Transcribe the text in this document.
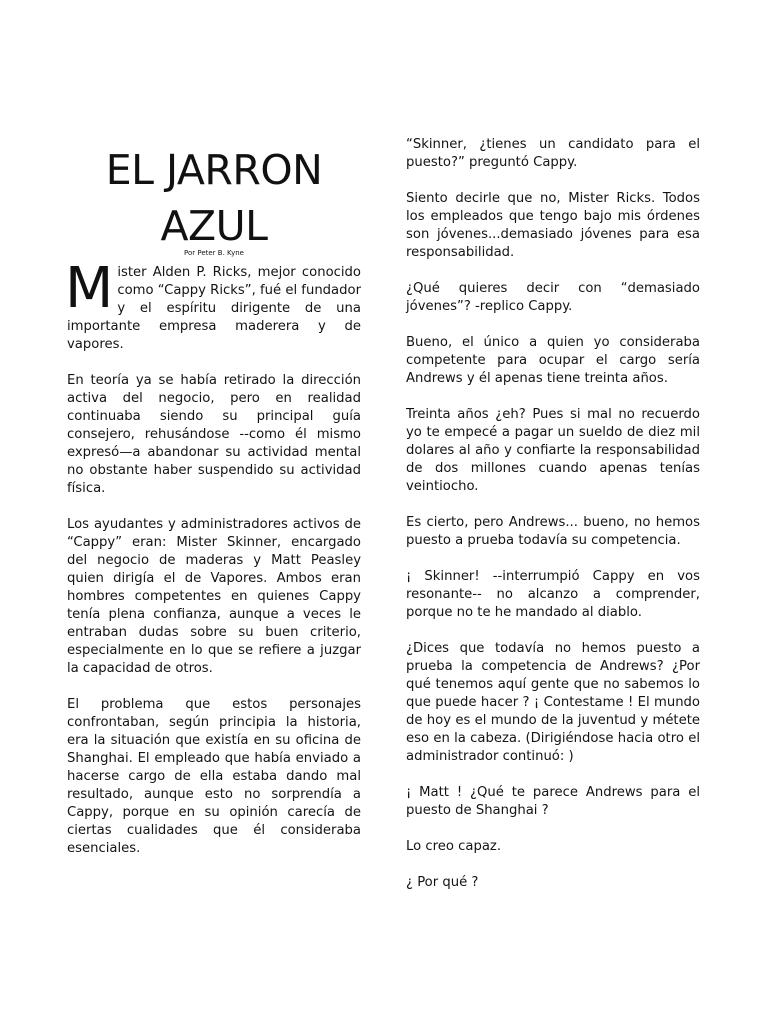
EL JARRON
AZUL
Por Peter B. Kyne

Mister Alden P. Ricks, mejor conocido como “Cappy Ricks”, fué el fundador y el espíritu dirigente de una importante empresa maderera y de vapores.

En teoría ya se había retirado la dirección activa del negocio, pero en realidad continuaba siendo su principal guía consejero, rehusándose --como él mismo expresó—a abandonar su actividad mental no obstante haber suspendido su actividad física.

Los ayudantes y administradores activos de “Cappy” eran: Mister Skinner, encargado del negocio de maderas y Matt Peasley quien dirigía el de Vapores. Ambos eran hombres competentes en quienes Cappy tenía plena confianza, aunque a veces le entraban dudas sobre su buen criterio, especialmente en lo que se refiere a juzgar la capacidad de otros.

El problema que estos personajes confrontaban, según principia la historia, era la situación que existía en su oficina de Shanghai. El empleado que había enviado a hacerse cargo de ella estaba dando mal resultado, aunque esto no sorprendía a Cappy, porque en su opinión carecía de ciertas cualidades que él consideraba esenciales.

“Skinner, ¿tienes un candidato para el puesto?” preguntó Cappy.

Siento decirle que no, Mister Ricks. Todos los empleados que tengo bajo mis órdenes son jóvenes...demasiado jóvenes para esa responsabilidad.

¿Qué quieres decir con “demasiado jóvenes”? -replico Cappy.

Bueno, el único a quien yo consideraba competente para ocupar el cargo sería Andrews y él apenas tiene treinta años.

Treinta años ¿eh? Pues si mal no recuerdo yo te empecé a pagar un sueldo de diez mil dolares al año y confiarte la responsabilidad de dos millones cuando apenas tenías veintiocho.

Es cierto, pero Andrews... bueno, no hemos puesto a prueba todavía su competencia.

¡ Skinner! --interrumpió Cappy en vos resonante-- no alcanzo a comprender, porque no te he mandado al diablo.

¿Dices que todavía no hemos puesto a prueba la competencia de Andrews? ¿Por qué tenemos aquí gente que no sabemos lo que puede hacer ? ¡ Contestame ! El mundo de hoy es el mundo de la juventud y métete eso en la cabeza. (Dirigiéndose hacia otro el administrador continuó: )

¡ Matt ! ¿Qué te parece Andrews para el puesto de Shanghai ?

Lo creo capaz.

¿ Por qué ?
